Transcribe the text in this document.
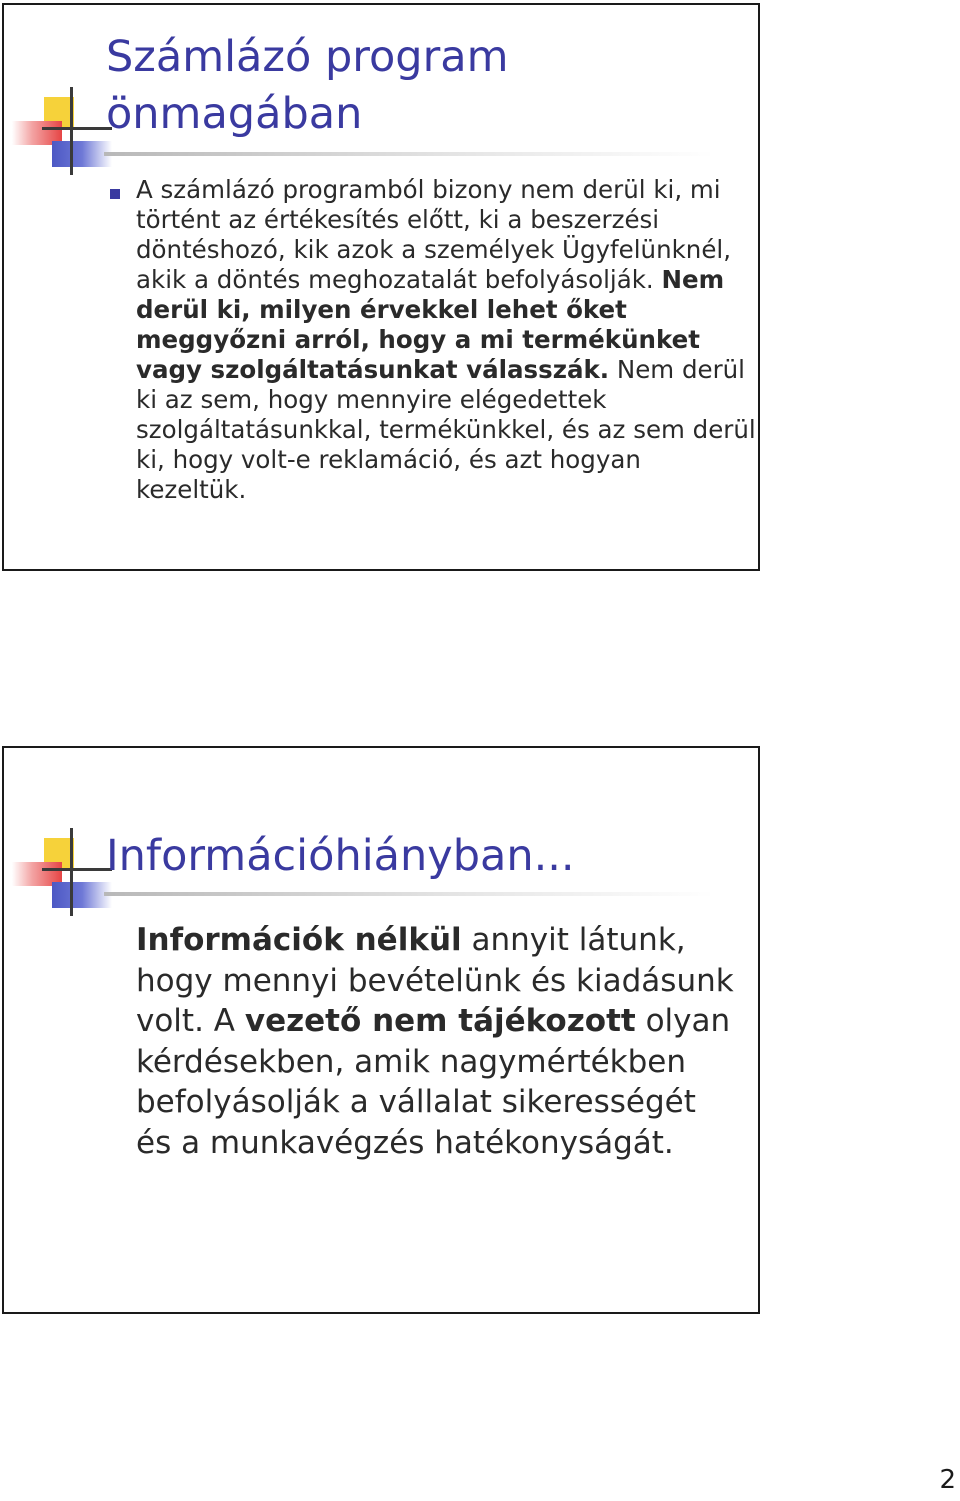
Számlázó program
önmagában

A számlázó programból bizony nem derül ki, mi történt az értékesítés előtt, ki a beszerzési döntéshozó, kik azok a személyek Ügyfelünknél, akik a döntés meghozatalát befolyásolják. Nem derül ki, milyen érvekkel lehet őket meggyőzni arról, hogy a mi termékünket vagy szolgáltatásunkat válasszák. Nem derül ki az sem, hogy mennyire elégedettek szolgáltatásunkkal, termékünkkel, és az sem derül ki, hogy volt-e reklamáció, és azt hogyan kezeltük.

Információhiányban...

Információk nélkül annyit látunk, hogy mennyi bevételünk és kiadásunk volt. A vezető nem tájékozott olyan kérdésekben, amik nagymértékben befolyásolják a vállalat sikerességét és a munkavégzés hatékonyságát.

2
